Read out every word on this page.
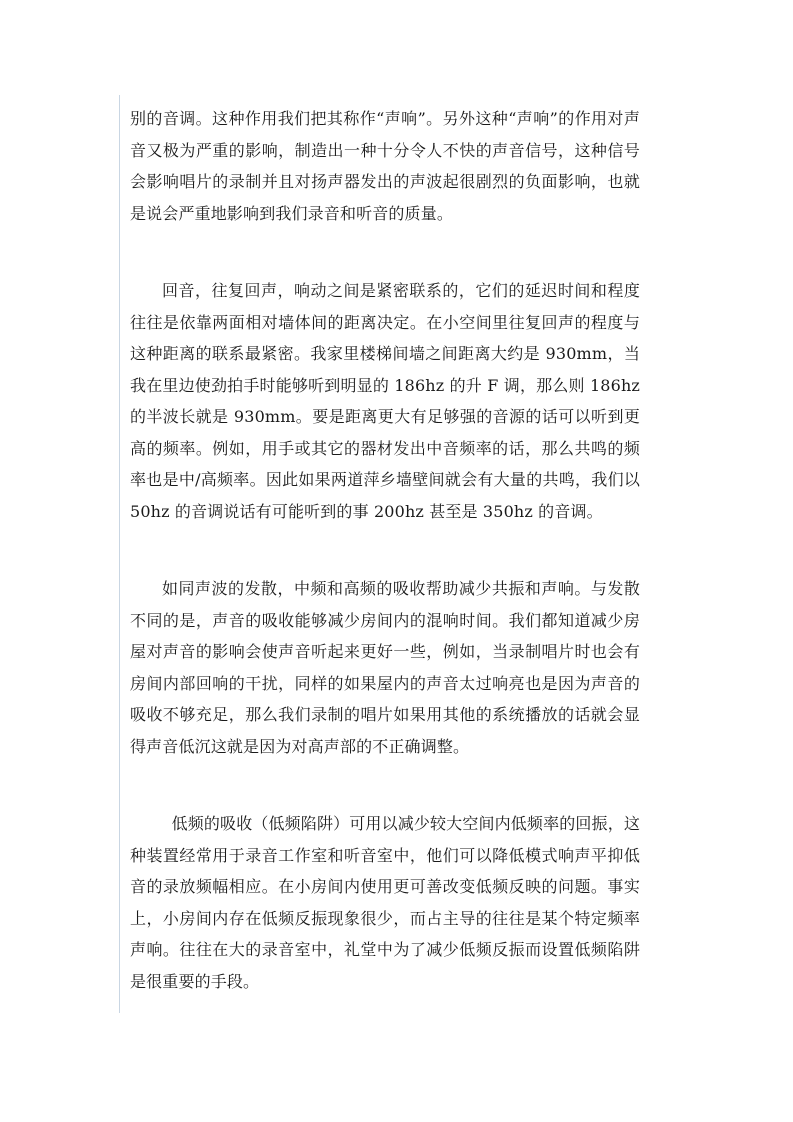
别的音调。这种作用我们把其称作“声响”。另外这种“声响”的作用对声音又极为严重的影响，制造出一种十分令人不快的声音信号，这种信号会影响唱片的录制并且对扬声器发出的声波起很剧烈的负面影响，也就是说会严重地影响到我们录音和听音的质量。

回音，往复回声，响动之间是紧密联系的，它们的延迟时间和程度往往是依靠两面相对墙体间的距离决定。在小空间里往复回声的程度与这种距离的联系最紧密。我家里楼梯间墙之间距离大约是 930mm，当我在里边使劲拍手时能够听到明显的 186hz 的升 F 调，那么则 186hz 的半波长就是 930mm。要是距离更大有足够强的音源的话可以听到更高的频率。例如，用手或其它的器材发出中音频率的话，那么共鸣的频率也是中/高频率。因此如果两道萍乡墙壁间就会有大量的共鸣，我们以 50hz 的音调说话有可能听到的事 200hz 甚至是 350hz 的音调。

如同声波的发散，中频和高频的吸收帮助减少共振和声响。与发散不同的是，声音的吸收能够减少房间内的混响时间。我们都知道减少房屋对声音的影响会使声音听起来更好一些，例如，当录制唱片时也会有房间内部回响的干扰，同样的如果屋内的声音太过响亮也是因为声音的吸收不够充足，那么我们录制的唱片如果用其他的系统播放的话就会显得声音低沉这就是因为对高声部的不正确调整。

低频的吸收（低频陷阱）可用以减少较大空间内低频率的回振，这种装置经常用于录音工作室和听音室中，他们可以降低模式响声平抑低音的录放频幅相应。在小房间内使用更可善改变低频反映的问题。事实上，小房间内存在低频反振现象很少，而占主导的往往是某个特定频率声响。往往在大的录音室中，礼堂中为了减少低频反振而设置低频陷阱是很重要的手段。
